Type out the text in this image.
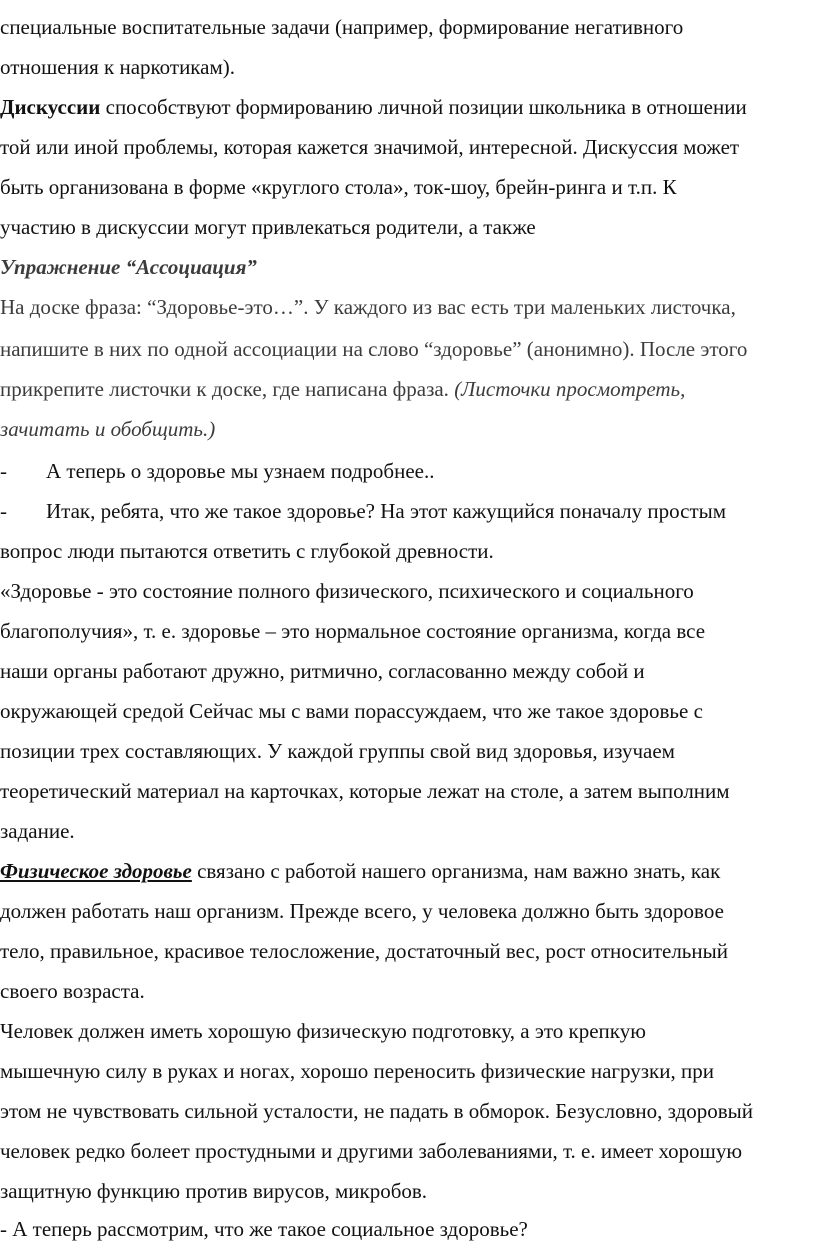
специальные воспитательные задачи (например, формирование негативного
отношения к наркотикам).
Дискуссии способствуют формированию личной позиции школьника в отношении
той или иной проблемы, которая кажется значимой, интересной. Дискуссия может
быть организована в форме «круглого стола», ток-шоу, брейн-ринга и т.п. К
участию в дискуссии могут привлекаться родители, а также
Упражнение “Ассоциация”
На доске фраза: “Здоровье-это…”. У каждого из вас есть три маленьких листочка,
напишите в них по одной ассоциации на слово “здоровье” (анонимно). После этого
прикрепите листочки к доске, где написана фраза. (Листочки просмотреть,
зачитать и обобщить.)
- А теперь о здоровье мы узнаем подробнее..
- Итак, ребята, что же такое здоровье? На этот кажущийся поначалу простым
вопрос люди пытаются ответить с глубокой древности.
«Здоровье - это состояние полного физического, психического и социального
благополучия», т. е. здоровье – это нормальное состояние организма, когда все
наши органы работают дружно, ритмично, согласованно между собой и
окружающей средой Сейчас мы с вами порассуждаем, что же такое здоровье с
позиции трех составляющих. У каждой группы свой вид здоровья, изучаем
теоретический материал на карточках, которые лежат на столе, а затем выполним
задание.
Физическое здоровье связано с работой нашего организма, нам важно знать, как
должен работать наш организм. Прежде всего, у человека должно быть здоровое
тело, правильное, красивое телосложение, достаточный вес, рост относительный
своего возраста.
Человек должен иметь хорошую физическую подготовку, а это крепкую
мышечную силу в руках и ногах, хорошо переносить физические нагрузки, при
этом не чувствовать сильной усталости, не падать в обморок. Безусловно, здоровый
человек редко болеет простудными и другими заболеваниями, т. е. имеет хорошую
защитную функцию против вирусов, микробов.
- А теперь рассмотрим, что же такое социальное здоровье?
